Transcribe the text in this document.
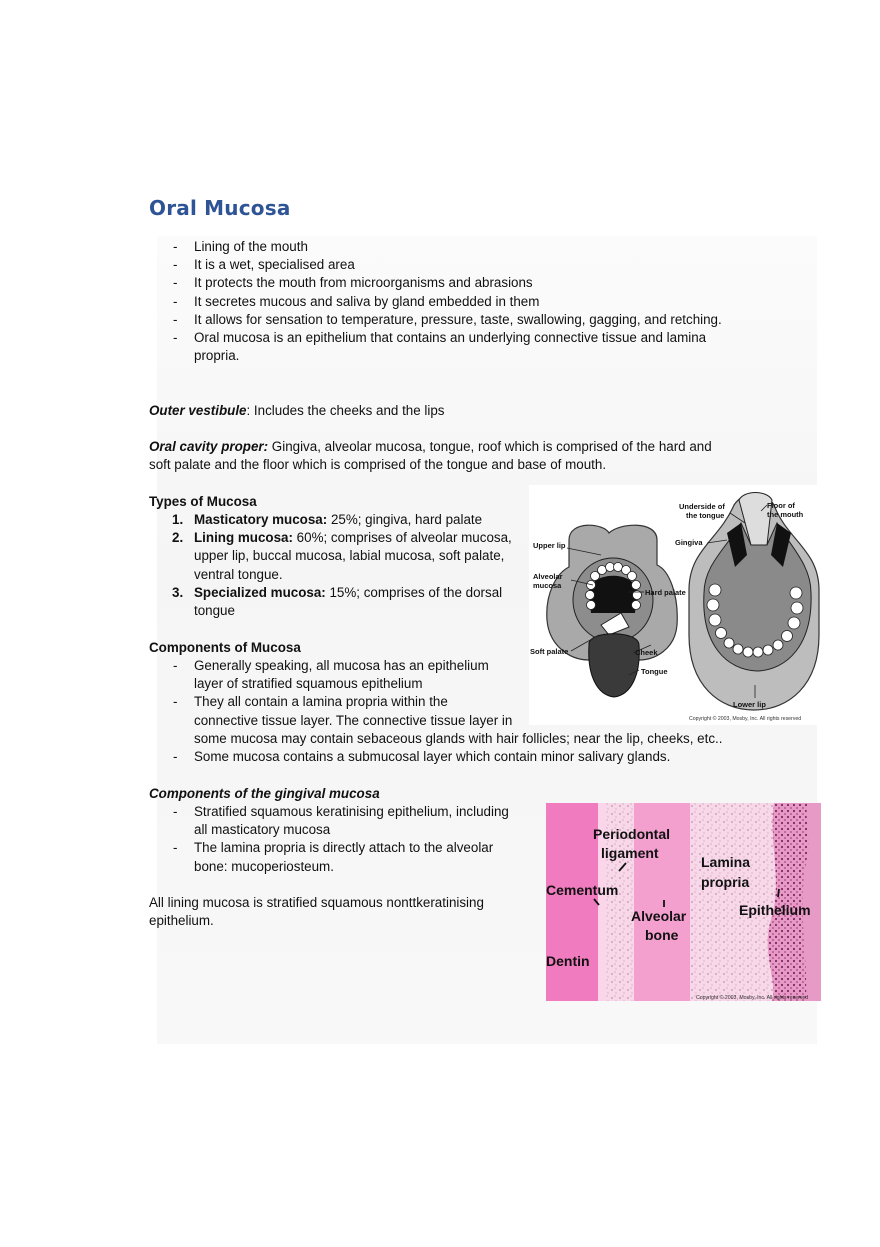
Oral Mucosa
- Lining of the mouth
- It is a wet, specialised area
- It protects the mouth from microorganisms and abrasions
- It secretes mucous and saliva by gland embedded in them
- It allows for sensation to temperature, pressure, taste, swallowing, gagging, and retching.
- Oral mucosa is an epithelium that contains an underlying connective tissue and lamina propria.

Outer vestibule: Includes the cheeks and the lips

Oral cavity proper: Gingiva, alveolar mucosa, tongue, roof which is comprised of the hard and soft palate and the floor which is comprised of the tongue and base of mouth.

Types of Mucosa

1. Masticatory mucosa: 25%; gingiva, hard palate
2. Lining mucosa: 60%; comprises of alveolar mucosa, upper lip, buccal mucosa, labial mucosa, soft palate, ventral tongue.
3. Specialized mucosa: 15%; comprises of the dorsal tongue

Components of Mucosa

- Generally speaking, all mucosa has an epithelium
layer of stratified squamous epithelium
- They all contain a lamina propria within the
connective tissue layer. The connective tissue layer in
some mucosa may contain sebaceous glands with hair follicles; near the lip, cheeks, etc..
- Some mucosa contains a submucosal layer which contain minor salivary glands.

Components of the gingival mucosa

- Stratified squamous keratinising epithelium, including
all masticatory mucosa
- The lamina propria is directly attach to the alveolar
bone: mucoperiosteum.
All lining mucosa is stratified squamous nonttkeratinising
epithelium.
Upper lip
Alveolar
mucosa
Hard palate
Soft palate	Cheek
Tongue
Underside of
the tongue
Floor of
the mouth
Gingiva
Lower lip
Copyright © 2003, Mosby, Inc. All rights reserved
Periodontal
ligament
Lamina
propria
Cementum
Alveolar
bone
Epithelium
Dentin
Copyright © 2003, Mosby, Inc. All rights reserved
